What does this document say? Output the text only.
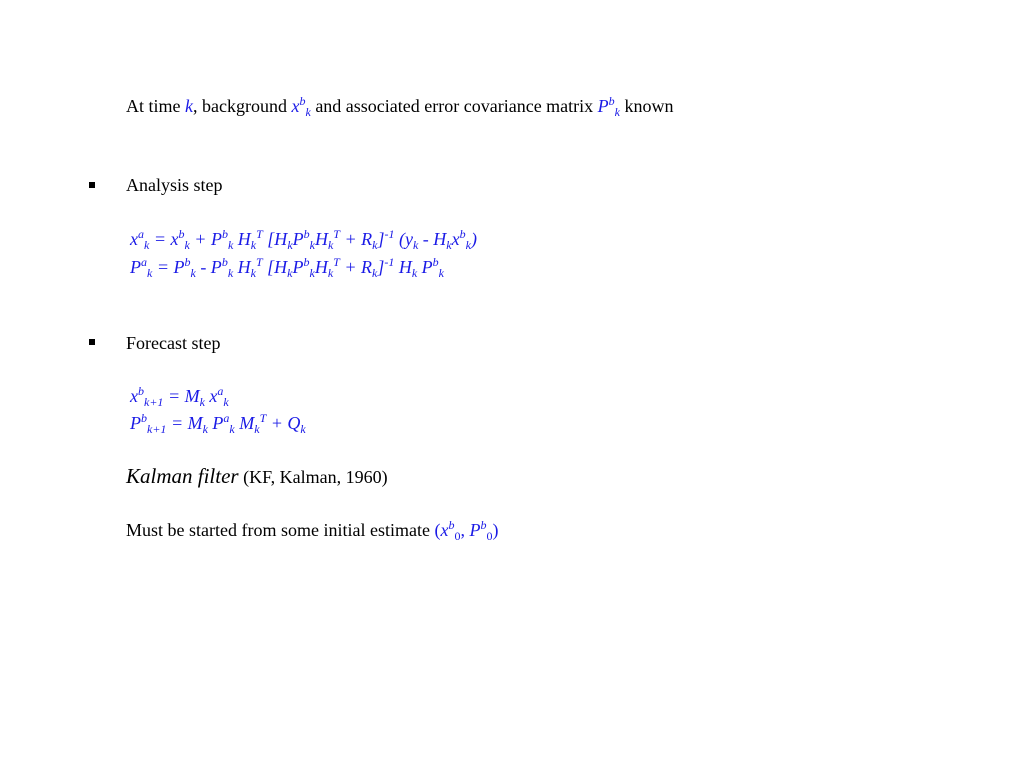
At time k, background $x^b_k$ and associated error covariance matrix $P^b_k$ known
Analysis step
$x^a_k = x^b_k + P^b_k$ $H_k^T$ $[H_kP^b_kH_k^T + R_k]^{-1}$ $(y_k - H_kx^b_k)$
$P^a_k = P^b_k - P^b_k$ $H_k^T$ $[H_kP^b_kH_k^T + R_k]^{-1}$ $H_k$ $P^b_k$
Forecast step
$x^b_{k+1} = M_k$ $x^a_k$
$P^b_{k+1} = M_k$ $P^a_k$ $M_k^T + Q_k$
Kalman filter (KF, Kalman, 1960)
Must be started from some initial estimate ($x^b_0$, $P^b_0$)
